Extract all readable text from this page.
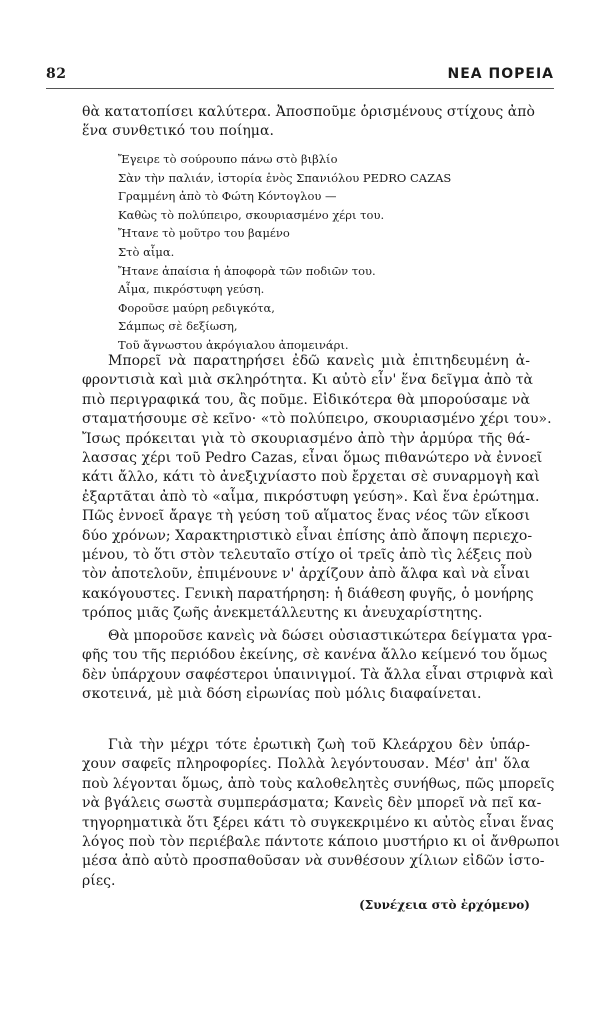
82	ΝΕΑ ΠΟΡΕΙΑ
θὰ κατατοπίσει καλύτερα. Ἀποσποῦμε ὁρισμένους στίχους ἀπὸ
ἕνα συνθετικό του ποίημα.
Ἔγειρε τὸ σούρουπο πάνω στὸ βιβλίο
Σὰν τὴν παλιάν, ἱστορία ἑνὸς Σπανιόλου PEDRO CAZAS
Γραμμένη ἀπὸ τὸ Φώτη Κόντογλου —
Καθὼς τὸ πολύπειρο, σκουριασμένο χέρι του.
Ἤτανε τὸ μοῦτρο του βαμένο
Στὸ αἷμα.
Ἤτανε ἀπαίσια ἡ ἀποφορὰ τῶν ποδιῶν του.
Αἷμα, πικρόστυφη γεύση.
Φοροῦσε μαύρη ρεδιγκότα,
Σάμπως σὲ δεξίωση,
Τοῦ ἄγνωστου ἀκρόγιαλου ἀπομεινάρι.
Μπορεῖ νὰ παρατηρήσει ἐδῶ κανεὶς μιὰ ἐπιτηδευμένη ἀ-
φροντισιὰ καὶ μιὰ σκληρότητα. Κι αὐτὸ εἶν' ἕνα δεῖγμα ἀπὸ τὰ
πιὸ περιγραφικά του, ἂς ποῦμε. Εἰδικότερα θὰ μπορούσαμε νὰ
σταματήσουμε σὲ κεῖνο· «τὸ πολύπειρο, σκουριασμένο χέρι του».
Ἴσως πρόκειται γιὰ τὸ σκουριασμένο ἀπὸ τὴν ἁρμύρα τῆς θά-
λασσας χέρι τοῦ Pedro Cazas, εἶναι ὅμως πιθανώτερο νὰ ἐννοεῖ
κάτι ἄλλο, κάτι τὸ ἀνεξιχνίαστο ποὺ ἔρχεται σὲ συναρμογὴ καὶ
ἐξαρτᾶται ἀπὸ τὸ «αἷμα, πικρόστυφη γεύση». Καὶ ἕνα ἐρώτημα.
Πῶς ἐννοεῖ ἄραγε τὴ γεύση τοῦ αἵματος ἕνας νέος τῶν εἴκοσι
δύο χρόνων; Χαρακτηριστικὸ εἶναι ἐπίσης ἀπὸ ἄποψη περιεχο-
μένου, τὸ ὅτι στὸν τελευταῖο στίχο οἱ τρεῖς ἀπὸ τὶς λέξεις ποὺ
τὸν ἀποτελοῦν, ἐπιμένουνε ν' ἀρχίζουν ἀπὸ ἄλφα καὶ νὰ εἶναι
κακόγουστες. Γενικὴ παρατήρηση: ἡ διάθεση φυγῆς, ὁ μονήρης
τρόπος μιᾶς ζωῆς ἀνεκμετάλλευτης κι ἀνευχαρίστητης.
Θὰ μποροῦσε κανεὶς νὰ δώσει οὐσιαστικώτερα δείγματα γρα-
φῆς του τῆς περιόδου ἐκείνης, σὲ κανένα ἄλλο κείμενό του ὅμως
δὲν ὑπάρχουν σαφέστεροι ὑπαινιγμοί. Τὰ ἄλλα εἶναι στριφνὰ καὶ
σκοτεινά, μὲ μιὰ δόση εἰρωνίας ποὺ μόλις διαφαίνεται.
Γιὰ τὴν μέχρι τότε ἐρωτικὴ ζωὴ τοῦ Κλεάρχου δὲν ὑπάρ-
χουν σαφεῖς πληροφορίες. Πολλὰ λεγόντουσαν. Μέσ' ἀπ' ὅλα
ποὺ λέγονται ὅμως, ἀπὸ τοὺς καλοθελητὲς συνήθως, πῶς μπορεῖς
νὰ βγάλεις σωστὰ συμπεράσματα; Κανεὶς δὲν μπορεῖ νὰ πεῖ κα-
τηγορηματικὰ ὅτι ξέρει κάτι τὸ συγκεκριμένο κι αὐτὸς εἶναι ἕνας
λόγος ποὺ τὸν περιέβαλε πάντοτε κάποιο μυστήριο κι οἱ ἄνθρωποι
μέσα ἀπὸ αὐτὸ προσπαθοῦσαν νὰ συνθέσουν χίλιων εἰδῶν ἱστο-
ρίες.
(Συνέχεια στὸ ἐρχόμενο)
